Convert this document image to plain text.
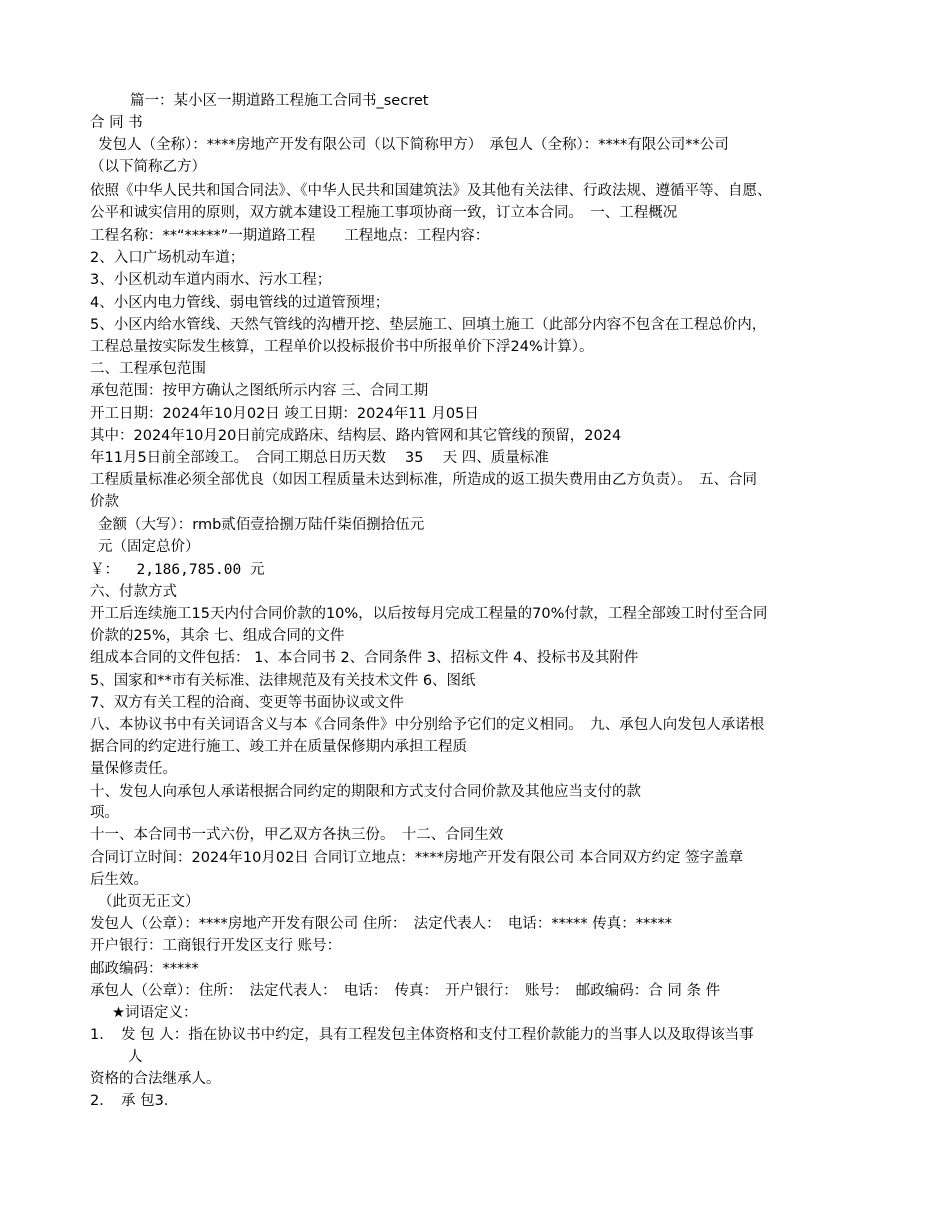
篇一：某小区一期道路工程施工合同书_secret
合 同 书
发包人（全称）：****房地产开发有限公司（以下简称甲方）　承包人（全称）：****有限公司**公司
（以下简称乙方）
依照《中华人民共和国合同法》、《中华人民共和国建筑法》及其他有关法律、行政法规、遵循平等、自愿、
公平和诚实信用的原则，双方就本建设工程施工事项协商一致，订立本合同。　一、工程概况
工程名称：**“*****”一期道路工程　　工程地点：工程内容：
2、入口广场机动车道；
3、小区机动车道内雨水、污水工程；
4、小区内电力管线、弱电管线的过道管预埋；
5、小区内给水管线、天然气管线的沟槽开挖、垫层施工、回填土施工（此部分内容不包含在工程总价内，
工程总量按实际发生核算，工程单价以投标报价书中所报单价下浮24%计算）。
二、工程承包范围
承包范围：按甲方确认之图纸所示内容 三、合同工期
开工日期：2024年10月02日 竣工日期：2024年11 月05日
其中：2024年10月20日前完成路床、结构层、路内管网和其它管线的预留，2024
年11月5日前全部竣工。　合同工期总日历天数　 35　 天 四、质量标准
工程质量标准必须全部优良（如因工程质量未达到标准，所造成的返工损失费用由乙方负责）。　五、合同
价款
金额（大写）：rmb贰佰壹拾捌万陆仟柒佰捌拾伍元
元（固定总价）
￥：  2,186,785.00 元
六、付款方式
开工后连续施工15天内付合同价款的10%，以后按每月完成工程量的70%付款，工程全部竣工时付至合同
价款的25%，其余 七、组成合同的文件
组成本合同的文件包括： 1、本合同书 2、合同条件 3、招标文件 4、投标书及其附件
5、国家和**市有关标准、法律规范及有关技术文件 6、图纸
7、双方有关工程的洽商、变更等书面协议或文件
八、本协议书中有关词语含义与本《合同条件》中分别给予它们的定义相同。　九、承包人向发包人承诺根
据合同的约定进行施工、竣工并在质量保修期内承担工程质
量保修责任。
十、发包人向承包人承诺根据合同约定的期限和方式支付合同价款及其他应当支付的款
项。
十一、本合同书一式六份，甲乙双方各执三份。　十二、合同生效
合同订立时间：2024年10月02日 合同订立地点：****房地产开发有限公司 本合同双方约定 签字盖章
后生效。
（此页无正文）
发包人（公章）：****房地产开发有限公司 住所：　法定代表人：　电话：***** 传真：*****
开户银行：工商银行开发区支行 账号：
邮政编码：*****
承包人（公章）：住所：　法定代表人：　电话：　传真：　开户银行：　账号：　邮政编码：合 同 条 件
★词语定义：
1．　发 包 人：指在协议书中约定，具有工程发包主体资格和支付工程价款能力的当事人以及取得该当事
人
资格的合法继承人。
2．　承 包3．
